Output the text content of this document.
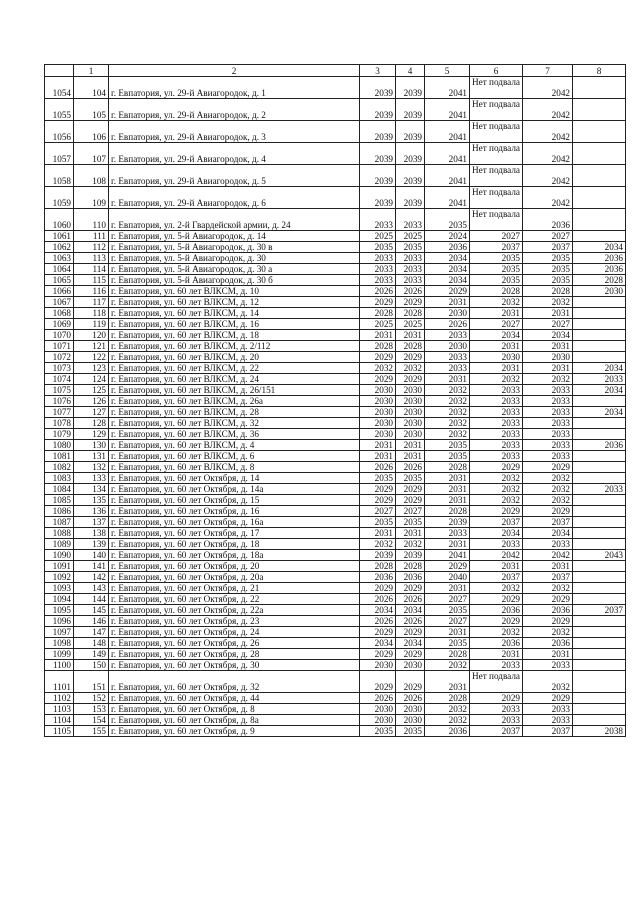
	1	2	3	4	5	6	7	8
1054	104	г. Евпатория, ул. 29-й Авиагородок, д. 1	2039	2039	2041	Нет подвала	2042	
1055	105	г. Евпатория, ул. 29-й Авиагородок, д. 2	2039	2039	2041	Нет подвала	2042	
1056	106	г. Евпатория, ул. 29-й Авиагородок, д. 3	2039	2039	2041	Нет подвала	2042	
1057	107	г. Евпатория, ул. 29-й Авиагородок, д. 4	2039	2039	2041	Нет подвала	2042	
1058	108	г. Евпатория, ул. 29-й Авиагородок, д. 5	2039	2039	2041	Нет подвала	2042	
1059	109	г. Евпатория, ул. 29-й Авиагородок, д. 6	2039	2039	2041	Нет подвала	2042	
1060	110	г. Евпатория, ул. 2-й Гвардейской армии, д. 24	2033	2033	2035	Нет подвала	2036	
1061	111	г. Евпатория, ул. 5-й Авиагородок, д. 14	2025	2025	2024	2027	2027	
1062	112	г. Евпатория, ул. 5-й Авиагородок, д. 30 в	2035	2035	2036	2037	2037	2034
1063	113	г. Евпатория, ул. 5-й Авиагородок, д. 30	2033	2033	2034	2035	2035	2036
1064	114	г. Евпатория, ул. 5-й Авиагородок, д. 30 а	2033	2033	2034	2035	2035	2036
1065	115	г. Евпатория, ул. 5-й Авиагородок, д. 30 б	2033	2033	2034	2035	2035	2028
1066	116	г. Евпатория, ул. 60 лет ВЛКСМ, д. 10	2026	2026	2029	2028	2028	2030
1067	117	г. Евпатория, ул. 60 лет ВЛКСМ, д. 12	2029	2029	2031	2032	2032	
1068	118	г. Евпатория, ул. 60 лет ВЛКСМ, д. 14	2028	2028	2030	2031	2031	
1069	119	г. Евпатория, ул. 60 лет ВЛКСМ, д. 16	2025	2025	2026	2027	2027	
1070	120	г. Евпатория, ул. 60 лет ВЛКСМ, д. 18	2031	2031	2033	2034	2034	
1071	121	г. Евпатория, ул. 60 лет ВЛКСМ, д. 2/112	2028	2028	2030	2031	2031	
1072	122	г. Евпатория, ул. 60 лет ВЛКСМ, д. 20	2029	2029	2033	2030	2030	
1073	123	г. Евпатория, ул. 60 лет ВЛКСМ, д. 22	2032	2032	2033	2031	2031	2034
1074	124	г. Евпатория, ул. 60 лет ВЛКСМ, д. 24	2029	2029	2031	2032	2032	2033
1075	125	г. Евпатория, ул. 60 лет ВЛКСМ, д. 26/151	2030	2030	2032	2033	2033	2034
1076	126	г. Евпатория, ул. 60 лет ВЛКСМ, д. 26а	2030	2030	2032	2033	2033	
1077	127	г. Евпатория, ул. 60 лет ВЛКСМ, д. 28	2030	2030	2032	2033	2033	2034
1078	128	г. Евпатория, ул. 60 лет ВЛКСМ, д. 32	2030	2030	2032	2033	2033	
1079	129	г. Евпатория, ул. 60 лет ВЛКСМ, д. 36	2030	2030	2032	2033	2033	
1080	130	г. Евпатория, ул. 60 лет ВЛКСМ, д. 4	2031	2031	2035	2033	2033	2036
1081	131	г. Евпатория, ул. 60 лет ВЛКСМ, д. 6	2031	2031	2035	2033	2033	
1082	132	г. Евпатория, ул. 60 лет ВЛКСМ, д. 8	2026	2026	2028	2029	2029	
1083	133	г. Евпатория, ул. 60 лет Октября, д. 14	2035	2035	2031	2032	2032	
1084	134	г. Евпатория, ул. 60 лет Октября, д. 14а	2029	2029	2031	2032	2032	2033
1085	135	г. Евпатория, ул. 60 лет Октября, д. 15	2029	2029	2031	2032	2032	
1086	136	г. Евпатория, ул. 60 лет Октября, д. 16	2027	2027	2028	2029	2029	
1087	137	г. Евпатория, ул. 60 лет Октября, д. 16а	2035	2035	2039	2037	2037	
1088	138	г. Евпатория, ул. 60 лет Октября, д. 17	2031	2031	2033	2034	2034	
1089	139	г. Евпатория, ул. 60 лет Октября, д. 18	2032	2032	2031	2033	2033	
1090	140	г. Евпатория, ул. 60 лет Октября, д. 18а	2039	2039	2041	2042	2042	2043
1091	141	г. Евпатория, ул. 60 лет Октября, д. 20	2028	2028	2029	2031	2031	
1092	142	г. Евпатория, ул. 60 лет Октября, д. 20а	2036	2036	2040	2037	2037	
1093	143	г. Евпатория, ул. 60 лет Октября, д. 21	2029	2029	2031	2032	2032	
1094	144	г. Евпатория, ул. 60 лет Октября, д. 22	2026	2026	2027	2029	2029	
1095	145	г. Евпатория, ул. 60 лет Октября, д. 22а	2034	2034	2035	2036	2036	2037
1096	146	г. Евпатория, ул. 60 лет Октября, д. 23	2026	2026	2027	2029	2029	
1097	147	г. Евпатория, ул. 60 лет Октября, д. 24	2029	2029	2031	2032	2032	
1098	148	г. Евпатория, ул. 60 лет Октября, д. 26	2034	2034	2035	2036	2036	
1099	149	г. Евпатория, ул. 60 лет Октября, д. 28	2029	2029	2028	2031	2031	
1100	150	г. Евпатория, ул. 60 лет Октября, д. 30	2030	2030	2032	2033	2033	
1101	151	г. Евпатория, ул. 60 лет Октября, д. 32	2029	2029	2031	Нет подвала	2032	
1102	152	г. Евпатория, ул. 60 лет Октября, д. 44	2026	2026	2028	2029	2029	
1103	153	г. Евпатория, ул. 60 лет Октября, д. 8	2030	2030	2032	2033	2033	
1104	154	г. Евпатория, ул. 60 лет Октября, д. 8а	2030	2030	2032	2033	2033	
1105	155	г. Евпатория, ул. 60 лет Октября, д. 9	2035	2035	2036	2037	2037	2038
